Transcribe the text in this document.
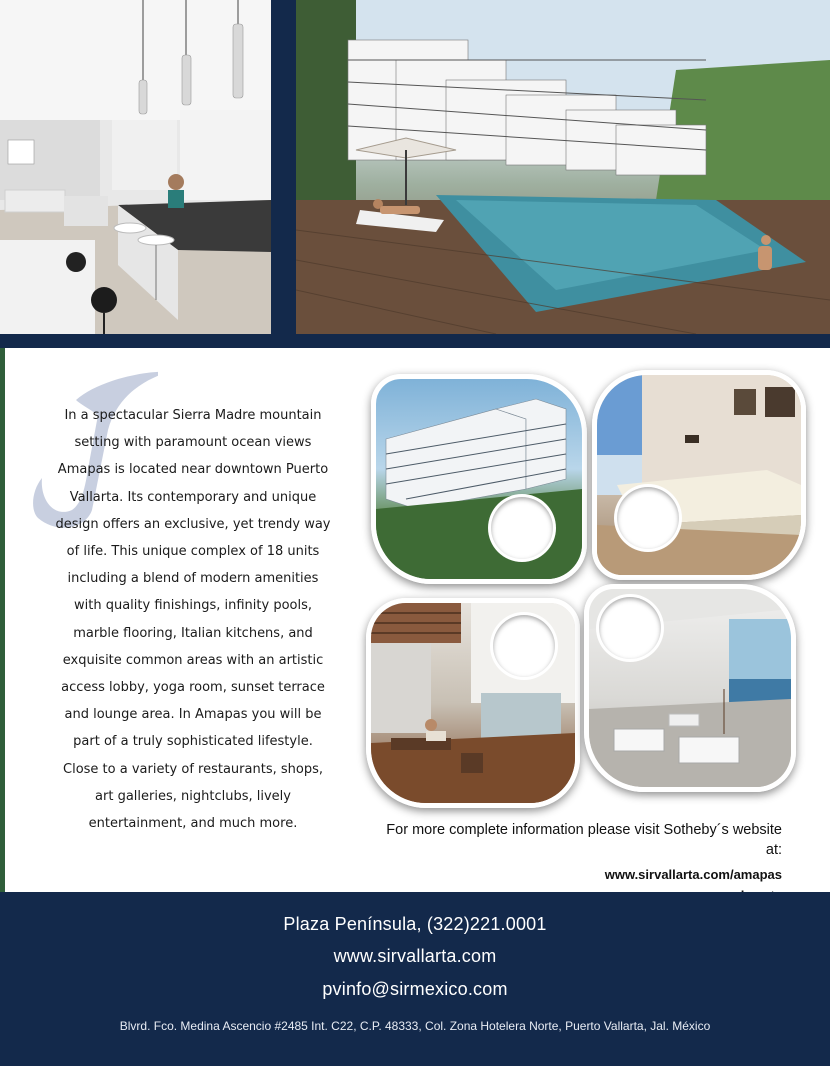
In a spectacular Sierra Madre mountain
setting with paramount ocean views
Amapas is located near downtown Puerto
Vallarta. Its contemporary and unique
design offers an exclusive, yet trendy way
of life. This unique complex of 18 units
including a blend of modern amenities
with quality finishings, infinity pools,
marble flooring, Italian kitchens, and
exquisite common areas with an artistic
access lobby, yoga room, sunset terrace
and lounge area. In Amapas you will be
part of a truly sophisticated lifestyle.
Close to a variety of restaurants, shops,
art galleries, nightclubs, lively
entertainment, and much more.	For more complete information please visit Sotheby´s website at:
www.sirvallarta.com/amapas
Plaza Península, (322)221.0001
www.sirvallarta.com
pvinfo@sirmexico.com
Blvrd. Fco. Medina Ascencio #2485 Int. C22, C.P. 48333, Col. Zona Hotelera Norte, Puerto Vallarta, Jal. México
